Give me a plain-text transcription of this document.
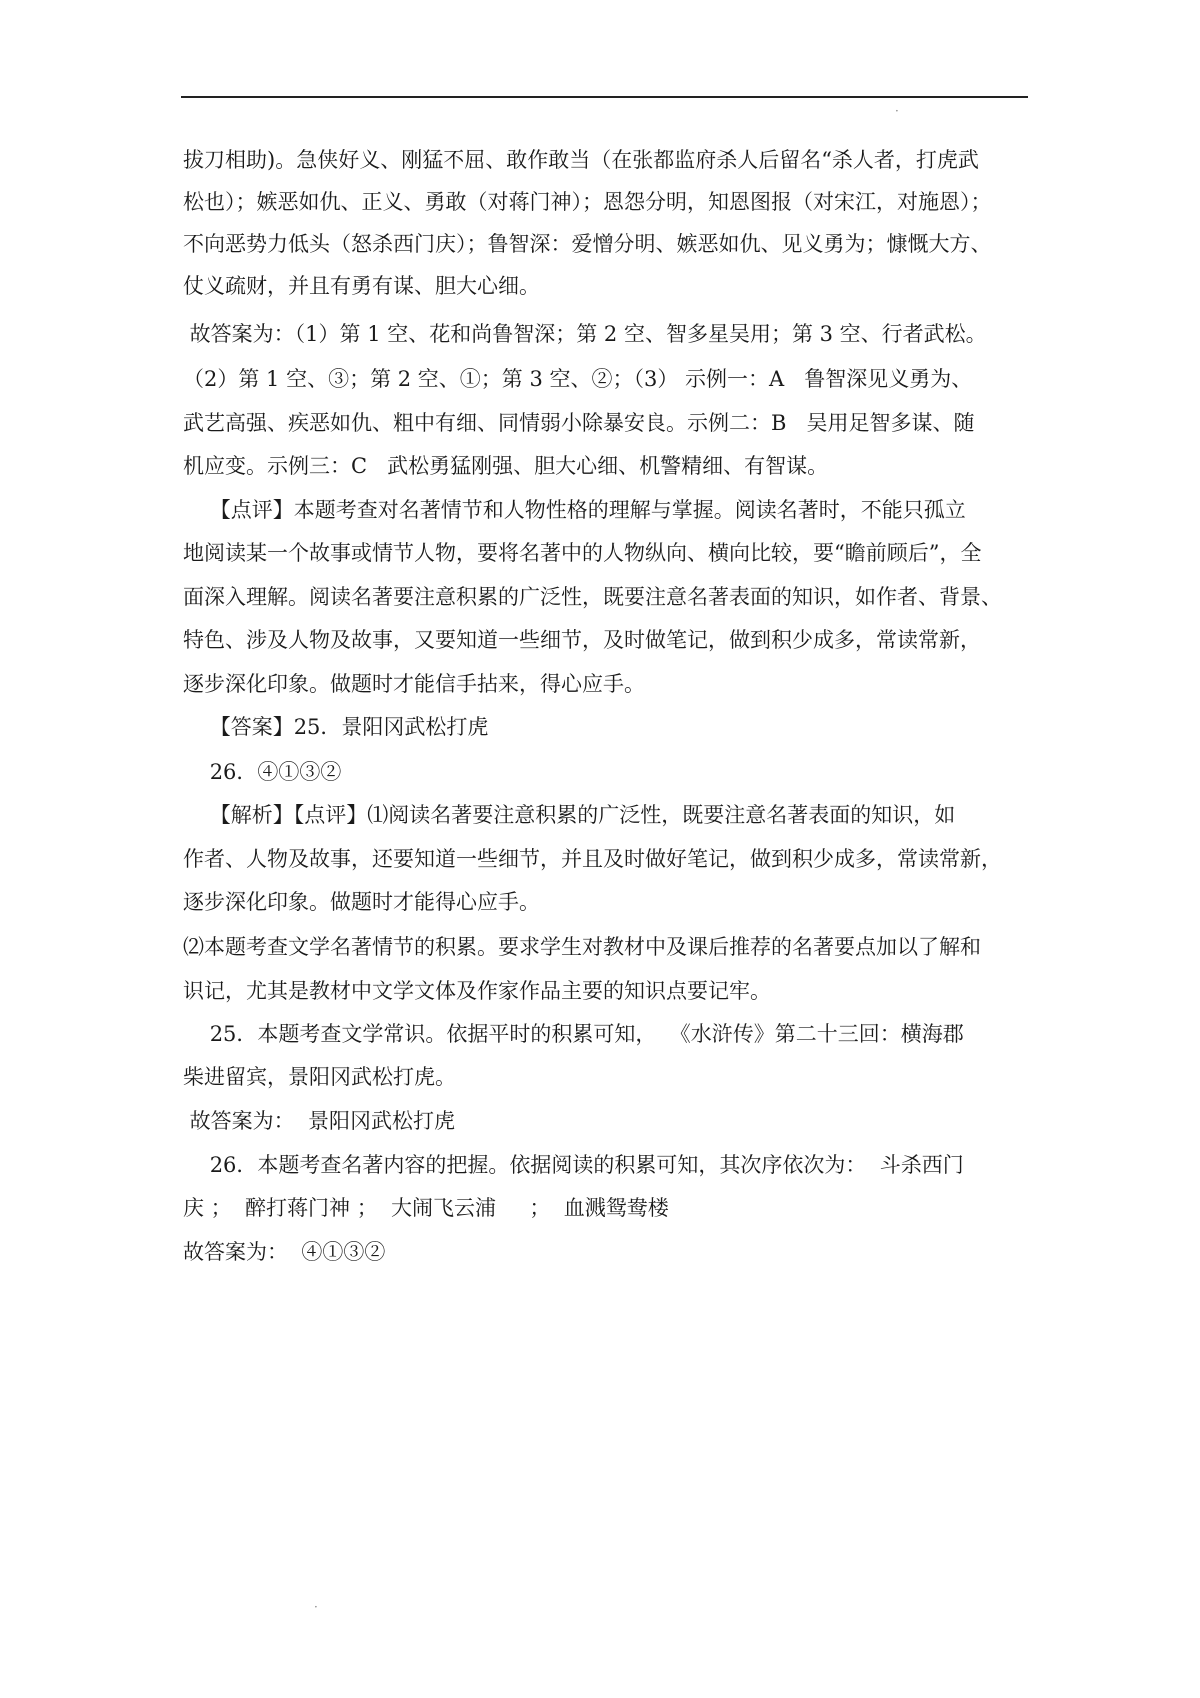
·
拔刀相助)。急侠好义、刚猛不屈、敢作敢当（在张都监府杀人后留名“杀人者，打虎武
松也）；嫉恶如仇、正义、勇敢（对蒋门神）；恩怨分明，知恩图报（对宋江，对施恩）；
不向恶势力低头（怒杀西门庆）；鲁智深：爱憎分明、嫉恶如仇、见义勇为；慷慨大方、
仗义疏财，并且有勇有谋、胆大心细。
故答案为：（1）第 1 空、花和尚鲁智深；第 2 空、智多星吴用；第 3 空、行者武松。
（2）第 1 空、③；第 2 空、①；第 3 空、②；（3） 示例一：A   鲁智深见义勇为、
武艺高强、疾恶如仇、粗中有细、同情弱小除暴安良。示例二：B   吴用足智多谋、随
机应变。示例三：C   武松勇猛刚强、胆大心细、机警精细、有智谋。
【点评】本题考查对名著情节和人物性格的理解与掌握。阅读名著时，不能只孤立
地阅读某一个故事或情节人物，要将名著中的人物纵向、横向比较，要“瞻前顾后”，全
面深入理解。阅读名著要注意积累的广泛性，既要注意名著表面的知识，如作者、背景、
特色、涉及人物及故事，又要知道一些细节，及时做笔记，做到积少成多，常读常新，
逐步深化印象。做题时才能信手拈来，得心应手。
【答案】25．景阳冈武松打虎
26．④①③②
【解析】【点评】⑴阅读名著要注意积累的广泛性，既要注意名著表面的知识，如
作者、人物及故事，还要知道一些细节，并且及时做好笔记，做到积少成多，常读常新，
逐步深化印象。做题时才能得心应手。
⑵本题考查文学名著情节的积累。要求学生对教材中及课后推荐的名著要点加以了解和
识记，尤其是教材中文学文体及作家作品主要的知识点要记牢。
25．本题考查文学常识。依据平时的积累可知，  《水浒传》第二十三回：横海郡
柴进留宾，景阳冈武松打虎。
故答案为：  景阳冈武松打虎
26．本题考查名著内容的把握。依据阅读的积累可知，其次序依次为：  斗杀西门
庆 ；  醉打蒋门神 ；  大闹飞云浦     ；  血溅鸳鸯楼
故答案为：  ④①③②
·
